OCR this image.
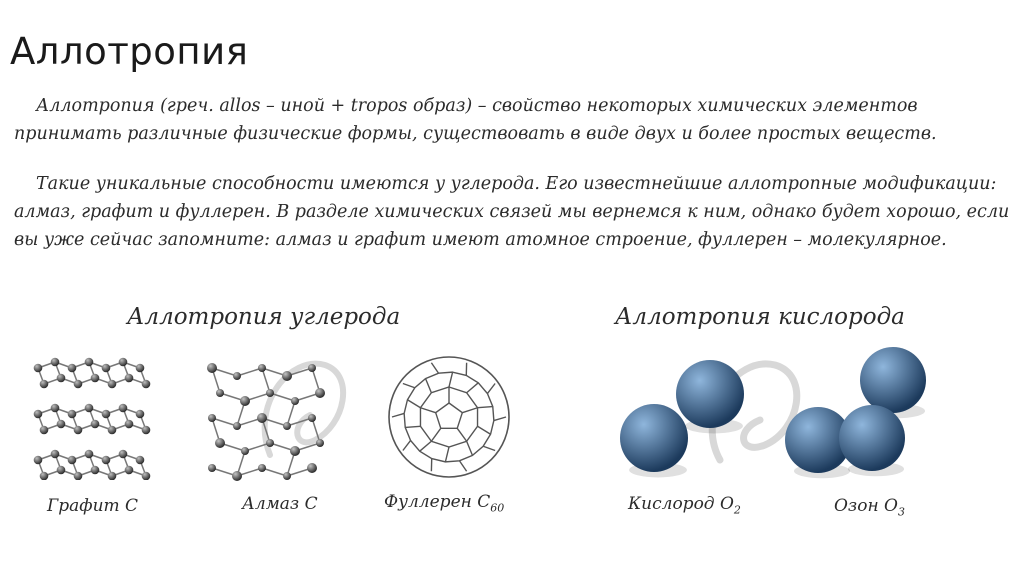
Аллотропия

Аллотропия (греч. allos – иной + tropos образ) – свойство некоторых химических элементов принимать различные физические формы, существовать в виде двух и более простых веществ.

Такие уникальные способности имеются у углерода. Его известнейшие аллотропные модификации: алмаз, графит и фуллерен. В разделе химических связей мы вернемся к ним, однако будет хорошо, если вы уже сейчас запомните: алмаз и графит имеют атомное строение, фуллерен – молекулярное.

Аллотропия углерода	Аллотропия кислорода
Графит C	Алмаз C	Фуллерен $C_{60}$	Кислород $O_2$	Озон $O_3$
